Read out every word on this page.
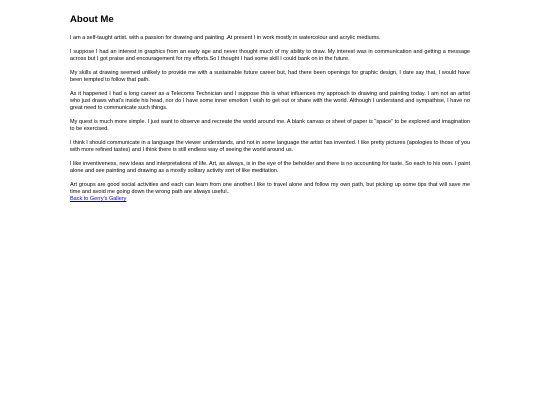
About Me

I am a self-taught artist. with a passion for drawing and painting .At present I in work mostly in watercolour and acrylic mediums.

I suppose I had an interest in graphics from an early age and never thought much of my ability to draw. My interest was in communication and getting a message across but I got praise and encouragement for my efforts.So I thought I had some skill I could bank on in the future.

My skills at drawing seemed unlikely to provide me with a sustainable future career but, had there been openings for graphic design, I dare say that, I would have been tempted to follow that path.

As it happened I had a long career as a Telecoms Technician and I suppose this is what influences my approach to drawing and painting today. I am not an artist who just draws what's inside his head, nor do I have some inner emotion I wish to get out or share with the world. Although I understand and sympathise, I have no great need to communicate such things.

My quest is much more simple. I just want to observe and recreate the world around me. A blank canvas or sheet of paper is "space" to be explored and imagination to be exercised.

I think I should communicate in a language the viewer understands, and not in some language the artist has invented. I like pretty pictures (apologies to those of you with more refined tastes) and I think there is still endless way of seeing the world around us.

I like inventiveness, new ideas and interpretations of life. Art, as always, is in the eye of the beholder and there is no accounting for taste. So each to his own. I paint alone and see painting and drawing as a mostly solitary activity sort of like meditation.

Art groups are good social activities and each can learn from one another.I like to travel alone and follow my own path, but picking up some tips that will save me time and avoid me going down the wrong path are always useful..

Back to Gerry's Gallery
